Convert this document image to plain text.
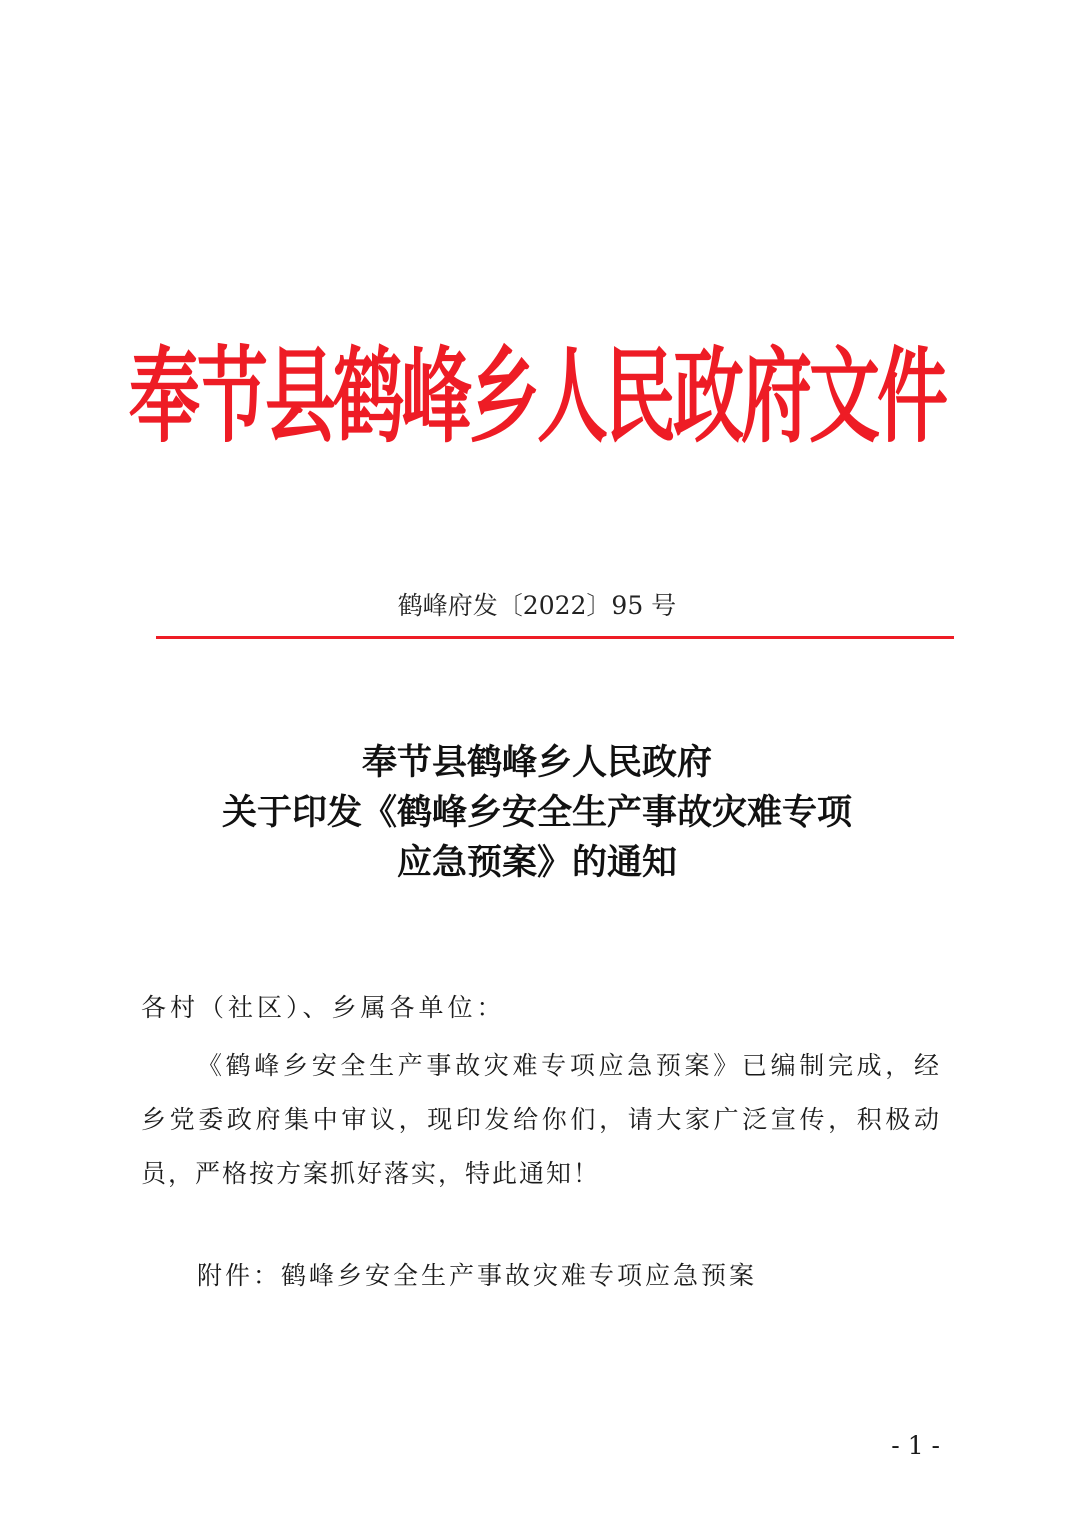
奉节县鹤峰乡人民政府文件
鹤峰府发〔2022〕95 号
奉节县鹤峰乡人民政府
关于印发《鹤峰乡安全生产事故灾难专项
应急预案》的通知
各村（社区）、乡属各单位：
《鹤峰乡安全生产事故灾难专项应急预案》已编制完成，经
乡党委政府集中审议，现印发给你们，请大家广泛宣传，积极动
员，严格按方案抓好落实，特此通知！
附件：鹤峰乡安全生产事故灾难专项应急预案
- 1 -
